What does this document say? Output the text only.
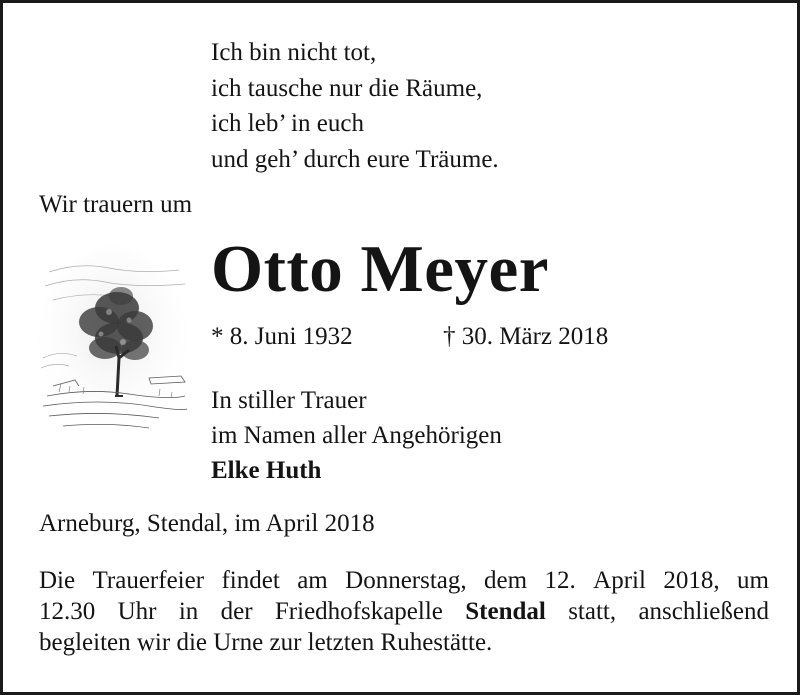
Ich bin nicht tot,
ich tausche nur die Räume,
ich leb’ in euch
und geh’ durch eure Träume.
Wir trauern um
Otto Meyer
* 8. Juni 1932	† 30. März 2018
In stiller Trauer
im Namen aller Angehörigen
Elke Huth
Arneburg, Stendal, im April 2018
Die Trauerfeier findet am Donnerstag, dem 12. April 2018, um
12.30 Uhr in der Friedhofskapelle Stendal statt, anschließend
begleiten wir die Urne zur letzten Ruhestätte.
